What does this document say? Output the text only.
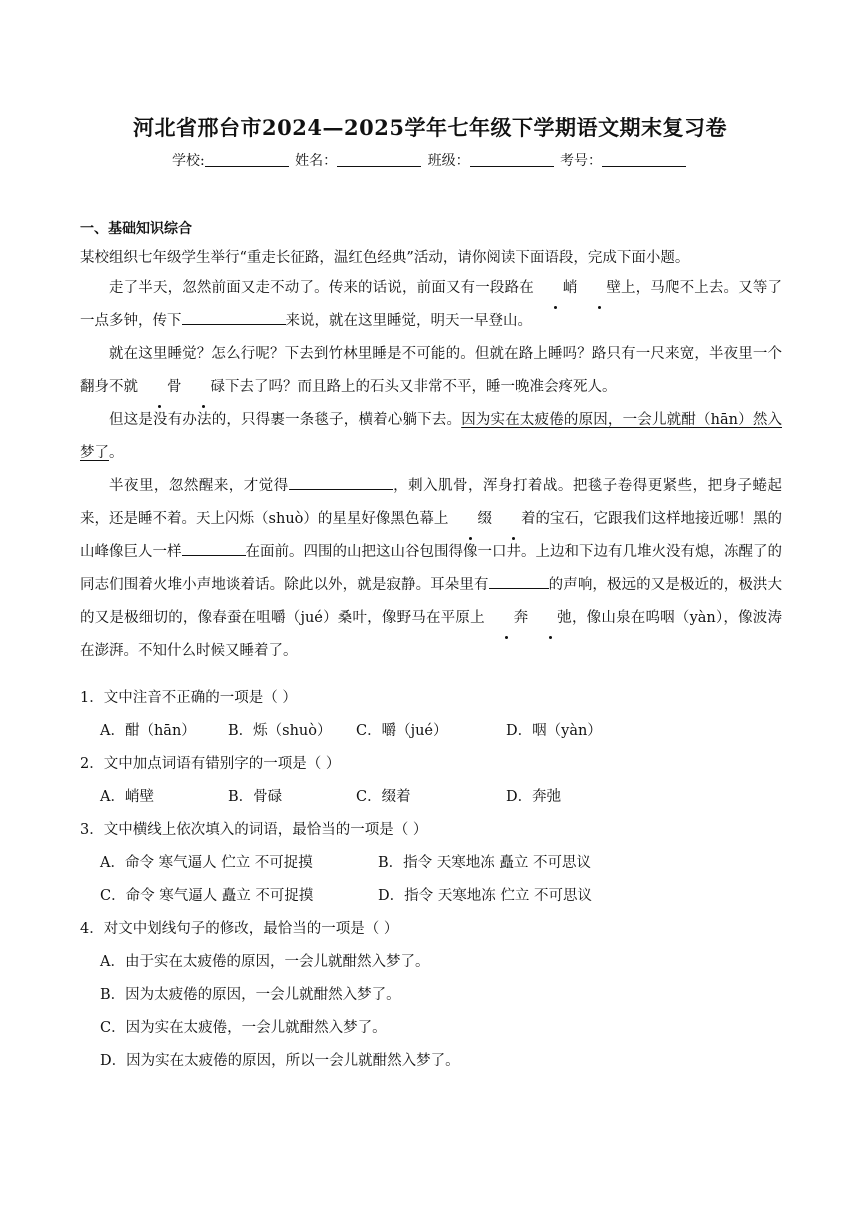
河北省邢台市2024—2025学年七年级下学期语文期末复习卷
学校:	姓名：	班级：	考号：
一、基础知识综合
某校组织七年级学生举行“重走长征路，温红色经典”活动，请你阅读下面语段，完成下面小题。

走了半天，忽然前面又走不动了。传来的话说，前面又有一段路在 峭 壁上，马爬不上去。又等了一点多钟，传下	来说，就在这里睡觉，明天一早登山。

就在这里睡觉？怎么行呢？下去到竹林里睡是不可能的。但就在路上睡吗？路只有一尺来宽，半夜里一个翻身不就 骨 碌下去了吗？而且路上的石头又非常不平，睡一晚准会疼死人。

但这是没有办法的，只得裹一条毯子，横着心躺下去。因为实在太疲倦的原因，一会儿就酣（hān）然入梦了。

半夜里，忽然醒来，才觉得	，刺入肌骨，浑身打着战。把毯子卷得更紧些，把身子蜷起来，还是睡不着。天上闪烁（shuò）的星星好像黑色幕上 缀 着的宝石，它跟我们这样地接近哪！黑的山峰像巨人一样	在面前。四围的山把这山谷包围得像一口井。上边和下边有几堆火没有熄，冻醒了的同志们围着火堆小声地谈着话。除此以外，就是寂静。耳朵里有	的声响，极远的又是极近的，极洪大的又是极细切的，像春蚕在咀嚼（jué）桑叶，像野马在平原上 奔 弛，像山泉在呜咽（yàn），像波涛在澎湃。不知什么时候又睡着了。

1．文中注音不正确的一项是（ ）
A．酣（hān）	B．烁（shuò）	C．嚼（jué）	D．咽（yàn）
2．文中加点词语有错别字的一项是（ ）
A．峭壁	B．骨碌	C．缀着	D．奔弛
3．文中横线上依次填入的词语，最恰当的一项是（ ）
A．命令 寒气逼人 伫立 不可捉摸	B．指令 天寒地冻 矗立 不可思议
C．命令 寒气逼人 矗立 不可捉摸	D．指令 天寒地冻 伫立 不可思议
4．对文中划线句子的修改，最恰当的一项是（ ）
A．由于实在太疲倦的原因，一会儿就酣然入梦了。
B．因为太疲倦的原因，一会儿就酣然入梦了。
C．因为实在太疲倦，一会儿就酣然入梦了。
D．因为实在太疲倦的原因，所以一会儿就酣然入梦了。
